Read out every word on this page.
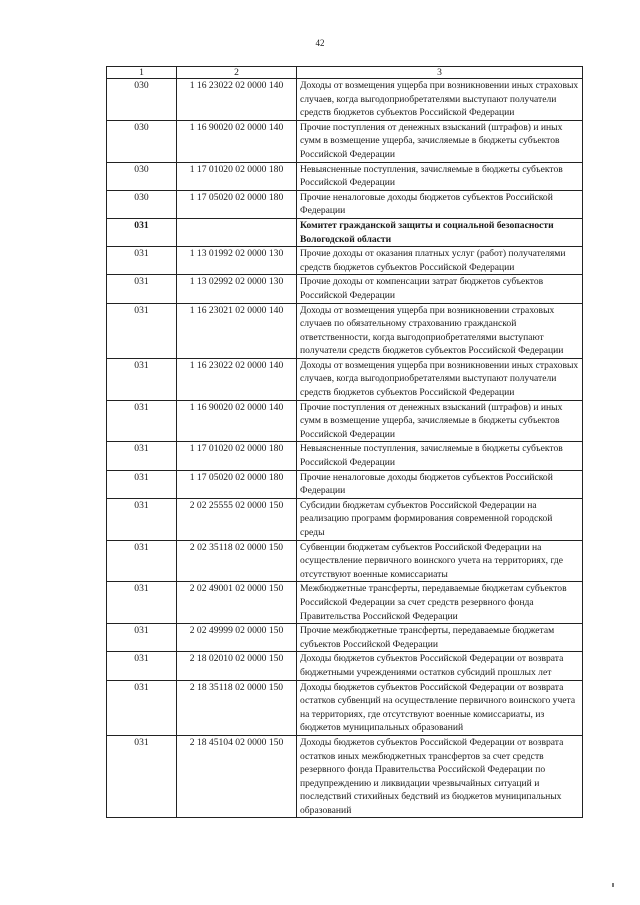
42
1	2	3
030	1 16 23022 02 0000 140	Доходы от возмещения ущерба при возникновении иных страховых случаев, когда выгодоприобретателями выступают получатели средств бюджетов субъектов Российской Федерации
030	1 16 90020 02 0000 140	Прочие поступления от денежных взысканий (штрафов) и иных сумм в возмещение ущерба, зачисляемые в бюджеты субъектов Российской Федерации
030	1 17 01020 02 0000 180	Невыясненные поступления, зачисляемые в бюджеты субъектов Российской Федерации
030	1 17 05020 02 0000 180	Прочие неналоговые доходы бюджетов субъектов Российской Федерации
031		Комитет гражданской защиты и социальной безопасности Вологодской области
031	1 13 01992 02 0000 130	Прочие доходы от оказания платных услуг (работ) получателями средств бюджетов субъектов Российской Федерации
031	1 13 02992 02 0000 130	Прочие доходы от компенсации затрат бюджетов субъектов Российской Федерации
031	1 16 23021 02 0000 140	Доходы от возмещения ущерба при возникновении страховых случаев по обязательному страхованию гражданской ответственности, когда выгодоприобретателями выступают получатели средств бюджетов субъектов Российской Федерации
031	1 16 23022 02 0000 140	Доходы от возмещения ущерба при возникновении иных страховых случаев, когда выгодоприобретателями выступают получатели средств бюджетов субъектов Российской Федерации
031	1 16 90020 02 0000 140	Прочие поступления от денежных взысканий (штрафов) и иных сумм в возмещение ущерба, зачисляемые в бюджеты субъектов Российской Федерации
031	1 17 01020 02 0000 180	Невыясненные поступления, зачисляемые в бюджеты субъектов Российской Федерации
031	1 17 05020 02 0000 180	Прочие неналоговые доходы бюджетов субъектов Российской Федерации
031	2 02 25555 02 0000 150	Субсидии бюджетам субъектов Российской Федерации на реализацию программ формирования современной городской среды
031	2 02 35118 02 0000 150	Субвенции бюджетам субъектов Российской Федерации на осуществление первичного воинского учета на территориях, где отсутствуют военные комиссариаты
031	2 02 49001 02 0000 150	Межбюджетные трансферты, передаваемые бюджетам субъектов Российской Федерации за счет средств резервного фонда Правительства Российской Федерации
031	2 02 49999 02 0000 150	Прочие межбюджетные трансферты, передаваемые бюджетам субъектов Российской Федерации
031	2 18 02010 02 0000 150	Доходы бюджетов субъектов Российской Федерации от возврата бюджетными учреждениями остатков субсидий прошлых лет
031	2 18 35118 02 0000 150	Доходы бюджетов субъектов Российской Федерации от возврата остатков субвенций на осуществление первичного воинского учета на территориях, где отсутствуют военные комиссариаты, из бюджетов муниципальных образований
031	2 18 45104 02 0000 150	Доходы бюджетов субъектов Российской Федерации от возврата остатков иных межбюджетных трансфертов за счет средств резервного фонда Правительства Российской Федерации по предупреждению и ликвидации чрезвычайных ситуаций и последствий стихийных бедствий из бюджетов муниципальных образований
